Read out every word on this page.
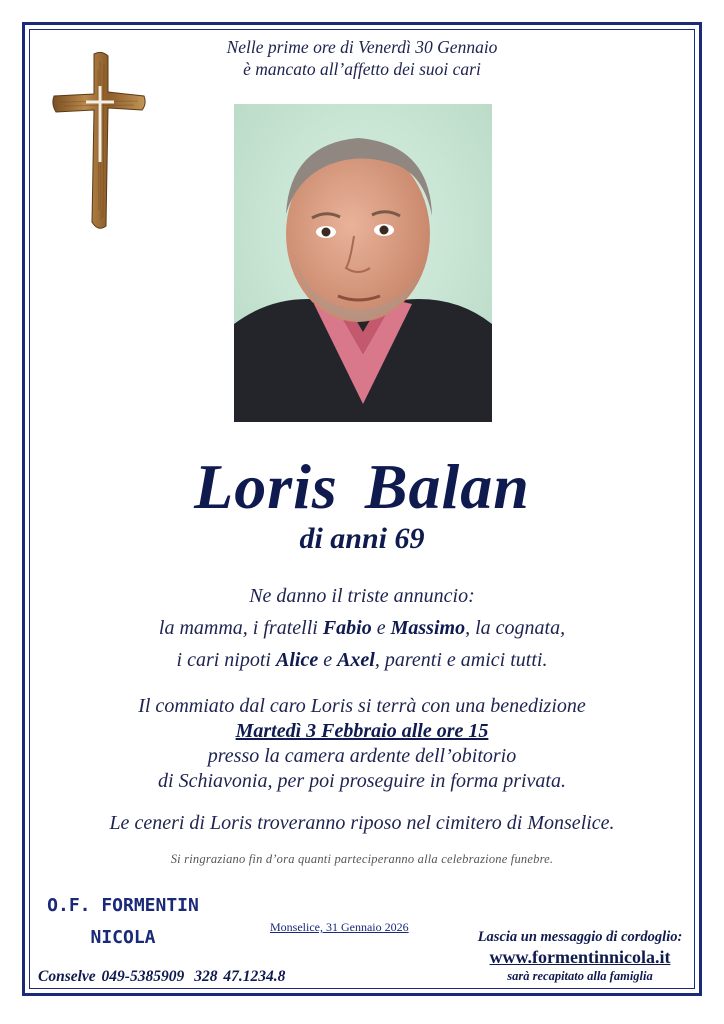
Nelle prime ore di Venerdì 30 Gennaio
è mancato all’affetto dei suoi cari
Loris Balan
di anni 69
Ne danno il triste annuncio:
la mamma, i fratelli Fabio e Massimo, la cognata,
i cari nipoti Alice e Axel, parenti e amici tutti.
Il commiato dal caro Loris si terrà con una benedizione
Martedì 3 Febbraio alle ore 15
presso la camera ardente dell’obitorio
di Schiavonia, per poi proseguire in forma privata.
Le ceneri di Loris troveranno riposo nel cimitero di Monselice.
Si ringraziano fin d’ora quanti parteciperanno alla celebrazione funebre.
O.F. FORMENTIN
NICOLA	Monselice, 31 Gennaio 2026
Lascia un messaggio di cordoglio:
www.formentinnicola.it
sarà recapitato alla famiglia
Conselve 049-5385909 328 47.1234.8
